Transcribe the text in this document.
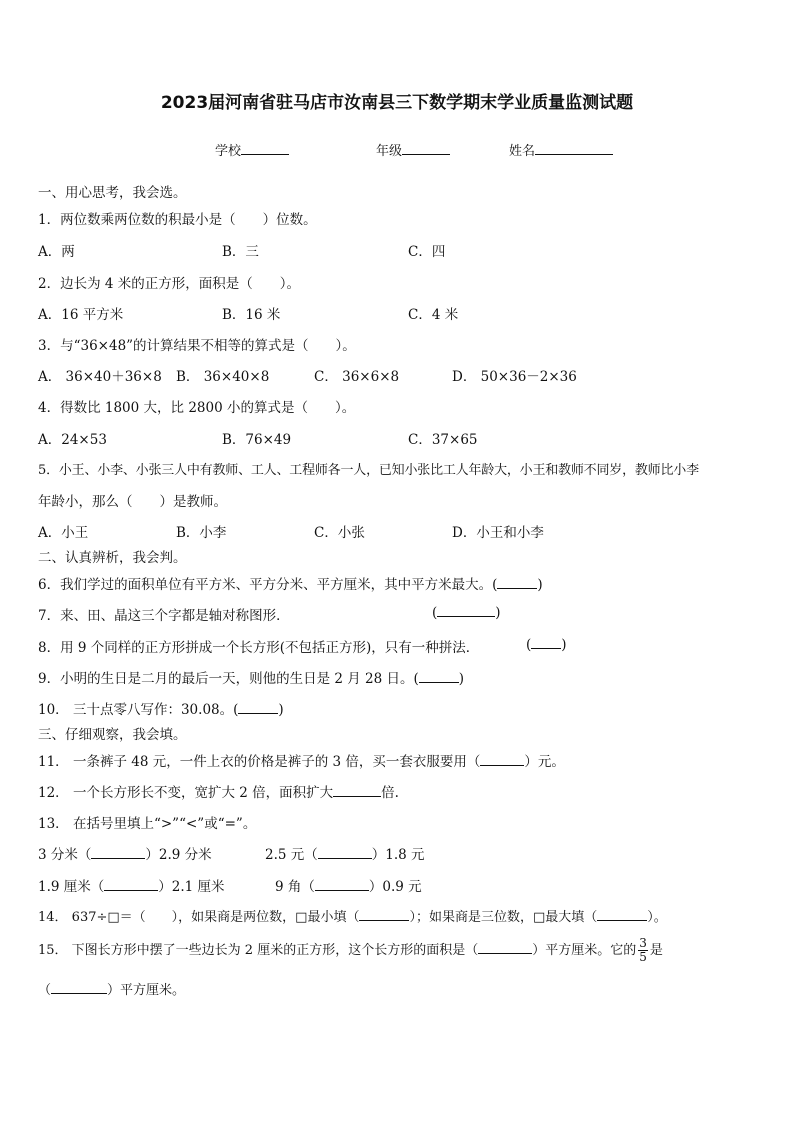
2023届河南省驻马店市汝南县三下数学期末学业质量监测试题
学校	年级	姓名
一、用心思考，我会选。
1．两位数乘两位数的积最小是（　　）位数。
A．两	B．三	C．四
2．边长为 4 米的正方形，面积是（　　）。
A．16 平方米	B．16 米	C．4 米
3．与“36×48”的计算结果不相等的算式是（　　）。
A． 36×40＋36×8 B． 36×40×8	C． 36×6×8	D． 50×36－2×36
4．得数比 1800 大，比 2800 小的算式是（　　）。
A．24×53	B．76×49	C．37×65
5．小王、小李、小张三人中有教师、工人、工程师各一人，已知小张比工人年龄大，小王和教师不同岁，教师比小李
年龄小，那么（　　）是教师。
A．小王	B．小李	C．小张	D．小王和小李
二、认真辨析，我会判。
6．我们学过的面积单位有平方米、平方分米、平方厘米，其中平方米最大。(	)
7．来、田、晶这三个字都是轴对称图形．	(	)
8．用 9 个同样的正方形拼成一个长方形(不包括正方形)，只有一种拼法．	( )
9．小明的生日是二月的最后一天，则他的生日是 2 月 28 日。(	)
10． 三十点零八写作：30.08。(	)
三、仔细观察，我会填。
11． 一条裤子 48 元，一件上衣的价格是裤子的 3 倍，买一套衣服要用（	）元。
12． 一个长方形长不变，宽扩大 2 倍，面积扩大	倍.
13． 在括号里填上“>”“<”或“=”。
3 分米（	）2.9 分米	2.5 元（	）1.8 元
1.9 厘米（	）2.1 厘米	9 角（	）0.9 元
14． 637÷□＝（　　），如果商是两位数，□最小填（	）；如果商是三位数，□最大填（	）。
15． 下图长方形中摆了一些边长为 2 厘米的正方形，这个长方形的面积是（	）平方厘米。它的 $\frac{3}{5}$ 是
（	）平方厘米。
